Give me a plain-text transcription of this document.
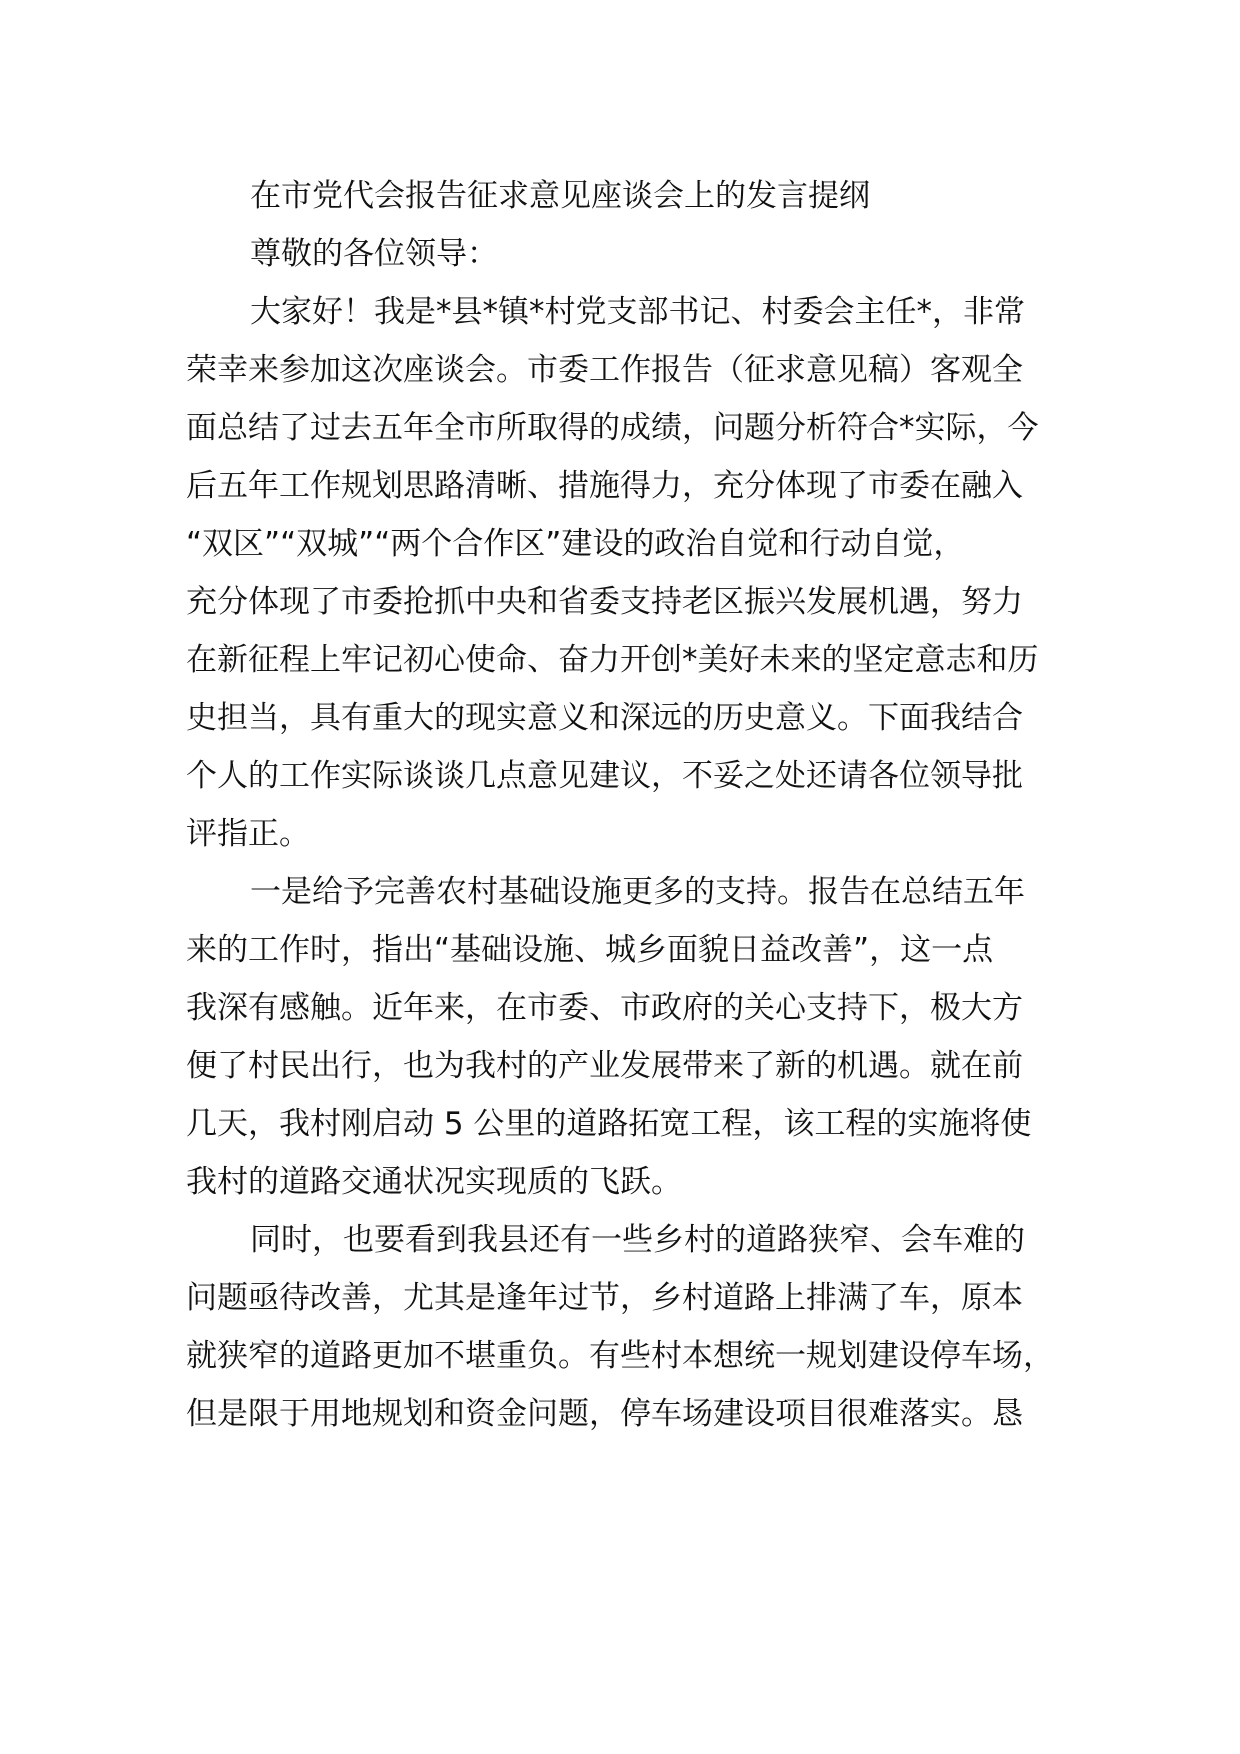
在市党代会报告征求意见座谈会上的发言提纲
尊敬的各位领导：
大家好！我是*县*镇*村党支部书记、村委会主任*，非常
荣幸来参加这次座谈会。市委工作报告（征求意见稿）客观全
面总结了过去五年全市所取得的成绩，问题分析符合*实际，今
后五年工作规划思路清晰、措施得力，充分体现了市委在融入
“双区”“双城”“两个合作区”建设的政治自觉和行动自觉，
充分体现了市委抢抓中央和省委支持老区振兴发展机遇，努力
在新征程上牢记初心使命、奋力开创*美好未来的坚定意志和历
史担当，具有重大的现实意义和深远的历史意义。下面我结合
个人的工作实际谈谈几点意见建议，不妥之处还请各位领导批
评指正。
一是给予完善农村基础设施更多的支持。报告在总结五年
来的工作时，指出“基础设施、城乡面貌日益改善”，这一点
我深有感触。近年来，在市委、市政府的关心支持下，极大方
便了村民出行，也为我村的产业发展带来了新的机遇。就在前
几天，我村刚启动 5 公里的道路拓宽工程，该工程的实施将使
我村的道路交通状况实现质的飞跃。
同时，也要看到我县还有一些乡村的道路狭窄、会车难的
问题亟待改善，尤其是逢年过节，乡村道路上排满了车，原本
就狭窄的道路更加不堪重负。有些村本想统一规划建设停车场，
但是限于用地规划和资金问题，停车场建设项目很难落实。恳
